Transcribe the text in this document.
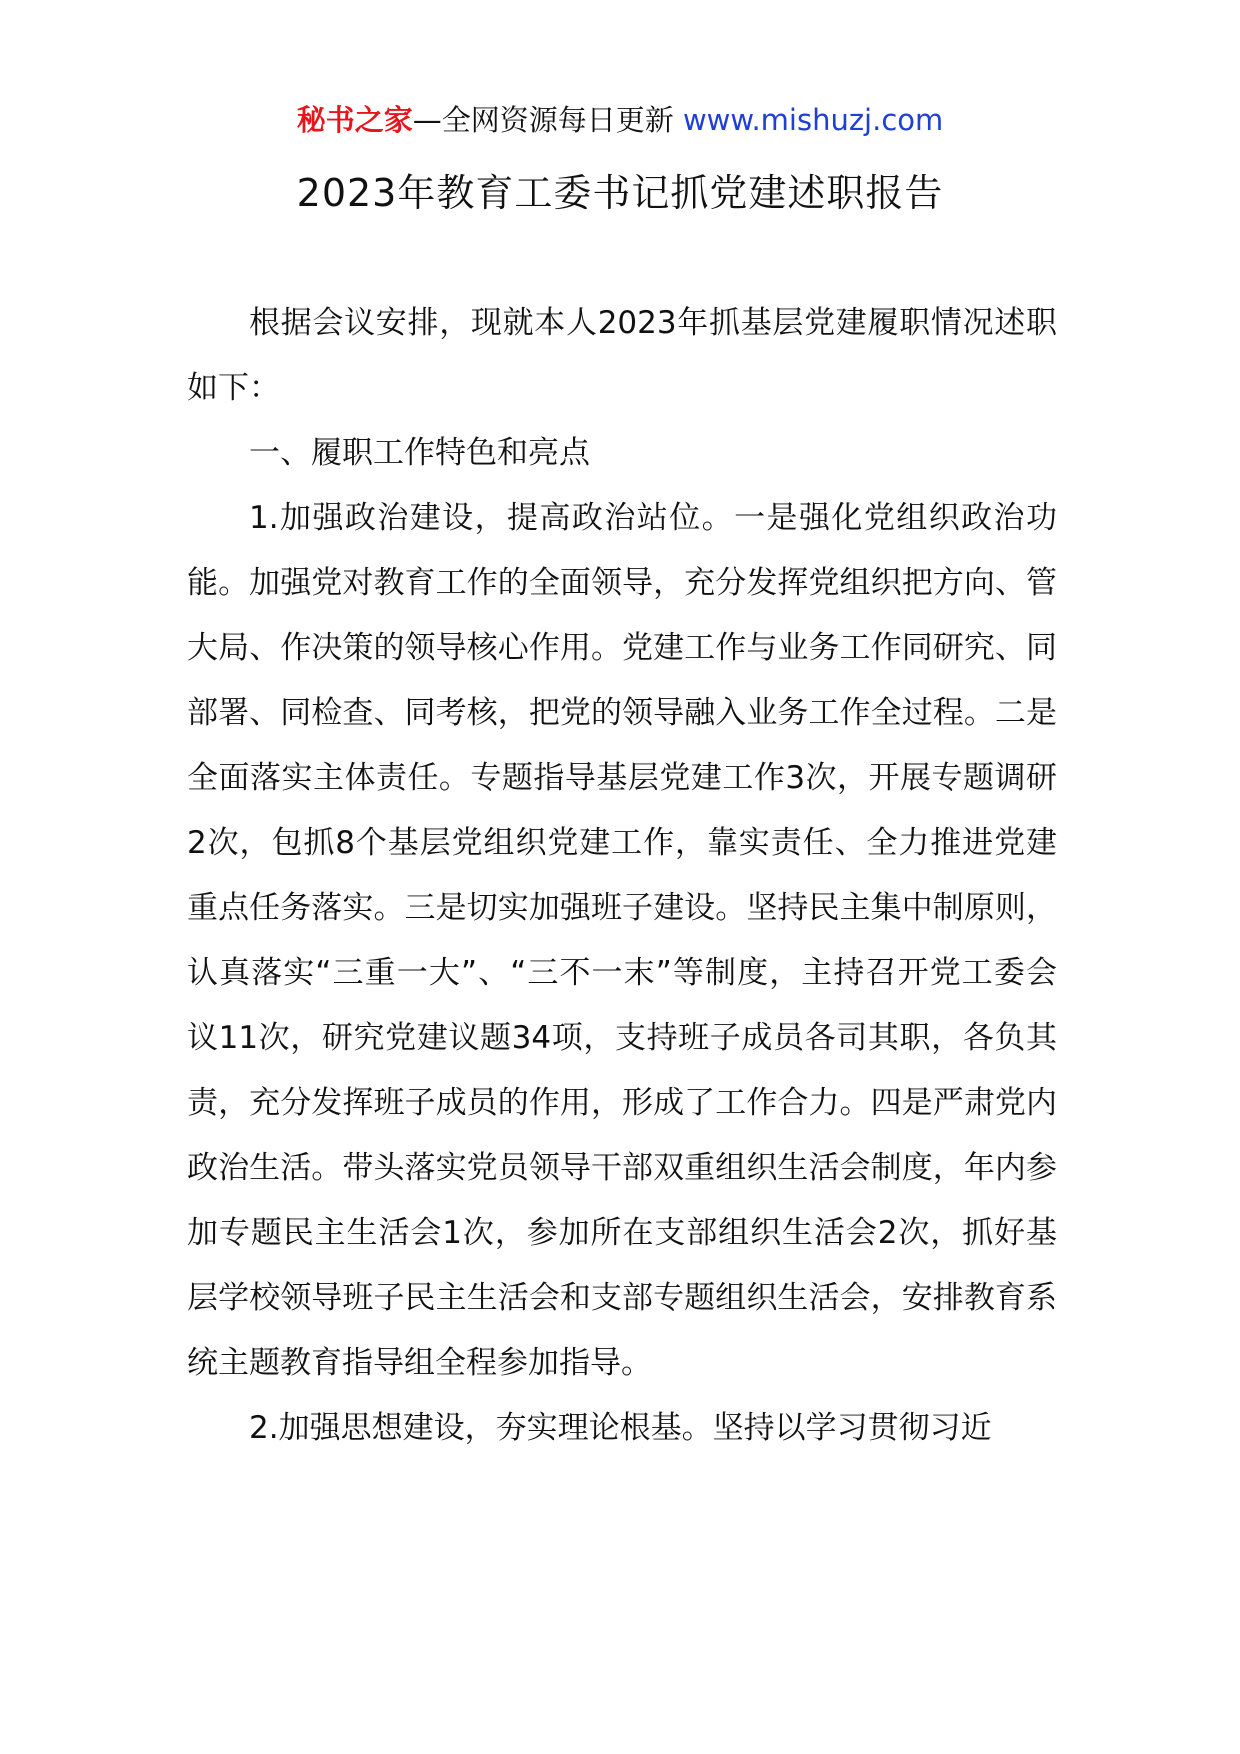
秘书之家—全网资源每日更新 www.mishuzj.com
2023年教育工委书记抓党建述职报告

根据会议安排，现就本人2023年抓基层党建履职情况述职如下：

一、履职工作特色和亮点

1.加强政治建设，提高政治站位。一是强化党组织政治功能。加强党对教育工作的全面领导，充分发挥党组织把方向、管大局、作决策的领导核心作用。党建工作与业务工作同研究、同部署、同检查、同考核，把党的领导融入业务工作全过程。二是全面落实主体责任。专题指导基层党建工作3次，开展专题调研2次，包抓8个基层党组织党建工作，靠实责任、全力推进党建重点任务落实。三是切实加强班子建设。坚持民主集中制原则，认真落实“三重一大”、“三不一末”等制度，主持召开党工委会议11次，研究党建议题34项，支持班子成员各司其职，各负其责，充分发挥班子成员的作用，形成了工作合力。四是严肃党内政治生活。带头落实党员领导干部双重组织生活会制度，年内参加专题民主生活会1次，参加所在支部组织生活会2次，抓好基层学校领导班子民主生活会和支部专题组织生活会，安排教育系统主题教育指导组全程参加指导。

2.加强思想建设，夯实理论根基。坚持以学习贯彻习近
